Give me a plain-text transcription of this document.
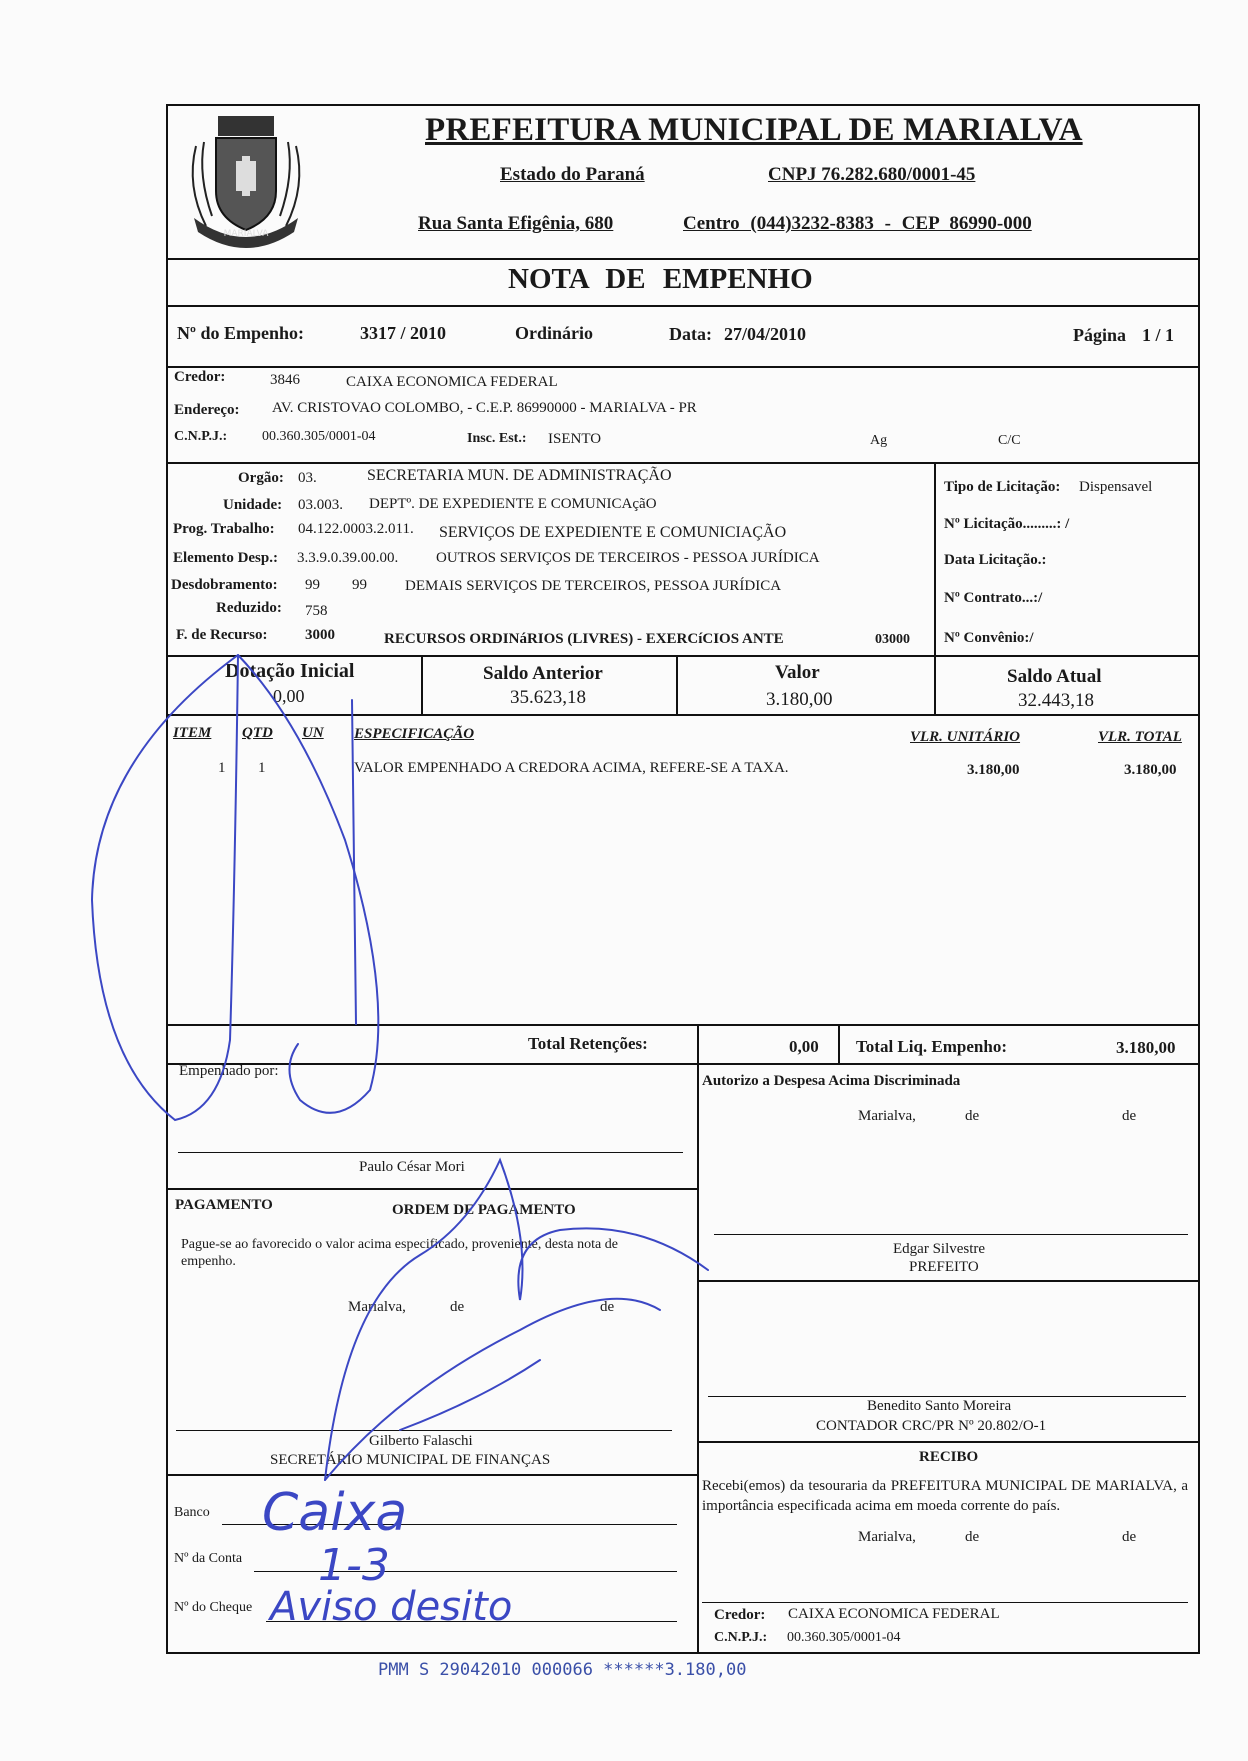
MARIALVA
PREFEITURA MUNICIPAL DE MARIALVA
Estado do Paraná	CNPJ 76.282.680/0001-45
Rua Santa Efigênia, 680	Centro (044)3232-8383 - CEP 86990-000
NOTA DE EMPENHO
Nº do Empenho:	3317 / 2010	Ordinário	Data: 27/04/2010	Página 1 / 1
Credor:	3846	CAIXA ECONOMICA FEDERAL
Endereço: AV. CRISTOVAO COLOMBO, - C.E.P. 86990000 - MARIALVA - PR
C.N.P.J.: 00.360.305/0001-04	Insc. Est.: ISENTO	Ag	C/C
Orgão: 03.	SECRETARIA MUN. DE ADMINISTRAÇÃO
Unidade: 03.003. DEPTº. DE EXPEDIENTE E COMUNICAçãO
Prog. Trabalho: 04.122.0003.2.011. SERVIÇOS DE EXPEDIENTE E COMUNICIAÇÃO
Elemento Desp.: 3.3.9.0.39.00.00.	OUTROS SERVIÇOS DE TERCEIROS - PESSOA JURÍDICA
Desdobramento: 99 99	DEMAIS SERVIÇOS DE TERCEIROS, PESSOA JURÍDICA
Reduzido: 758
F. de Recurso: 3000	RECURSOS ORDINáRIOS (LIVRES) - EXERCíCIOS ANTE	03000
Tipo de Licitação: Dispensavel
Nº Licitação.........: /
Data Licitação.:
Nº Contrato...:/
Nº Convênio:/
Dotação Inicial
0,00
Saldo Anterior
35.623,18
Valor
3.180,00
Saldo Atual
32.443,18
ITEM QTD UN ESPECIFICAÇÃO	VLR. UNITÁRIO	VLR. TOTAL
1 1	VALOR EMPENHADO A CREDORA ACIMA, REFERE-SE A TAXA.	3.180,00	3.180,00
Total Retenções:	0,00 Total Liq. Empenho:	3.180,00
Empenhado por:
Paulo César Mori
PAGAMENTO	ORDEM DE PAGAMENTO
Pague-se ao favorecido o valor acima especificado, proveniente, desta nota de empenho.
Marialva,	de	de
Gilberto Falaschi
SECRETÁRIO MUNICIPAL DE FINANÇAS
Banco
Nº da Conta
Nº do Cheque
Autorizo a Despesa Acima Discriminada
Marialva,	de	de
Edgar Silvestre
PREFEITO
Benedito Santo Moreira
CONTADOR CRC/PR Nº 20.802/O-1
RECIBO
Recebi(emos) da tesouraria da PREFEITURA MUNICIPAL DE MARIALVA, a importância especificada acima em moeda corrente do país.
Marialva,	de	de
Credor: CAIXA ECONOMICA FEDERAL
C.N.P.J.: 00.360.305/0001-04
Caixa
1-3
Aviso desito
PMM S 29042010 000066 ******3.180,00
